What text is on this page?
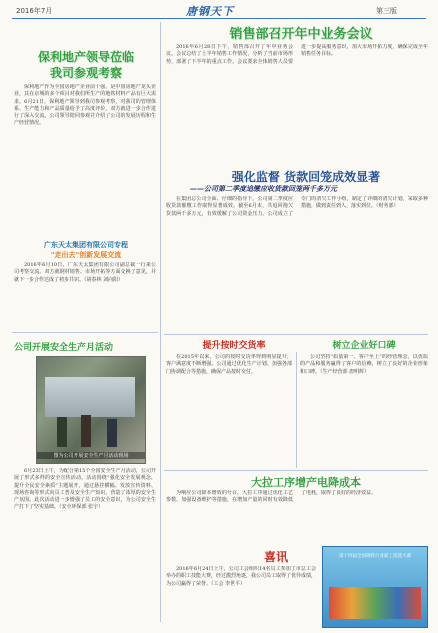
2016年7月	唐钢天下	第三版
保利地产领导莅临
我司参观考察

保利地产作为全国房地产企业前十强，是中国房地产龙头企业，其在京城的多个项目对我们所生产的地铁材料产品有巨大需求。6月21日，保利地产领导到我司参观考察，对我司的管理体系、生产能力和产品质量给予了高度评价，双方就进一步合作进行了深入交流。公司领导陪同参观并介绍了公司的发展历程和生产经营情况。

广东天太集团有限公司专程
"走出去"创新发展交流

2016年6月10日，广东天太集团有限公司副总裁一行来公司考察交流。双方就钢材销售、市场开拓等方面交换了意见，并就下一步合作达成了初步共识。（胡春林 刘向阳）

公司开展安全生产月活动
图为公司开展安全生产月活动现场

6月23日上午，为配合第15个全国安全生产月活动，公司开展了形式多样的安全宣传活动。活动围绕“强化安全发展观念，提升全民安全素质”主题展开，通过悬挂横幅、发放宣传资料、现场咨询等形式向员工普及安全生产知识，营造了浓厚的安全生产氛围。此次活动进一步增强了员工的安全意识，为公司安全生产打下了坚实基础。（安全环保部 张宇）

销售部召开年中业务会议

2016年6月28日下午，销售部召开了年中业务会议。会议总结了上半年销售工作情况，分析了当前市场形势，部署了下半年的重点工作。会议要求全体销售人员要进一步提高服务意识，加大市场开拓力度，确保完成全年销售任务目标。

强化监督 货款回笼成效显著
——公司第二季度追缴应收货款回笼两千多万元

在集团总公司全面、仔细的指导下，公司第二季度应收货款催缴工作取得显著成效。截至6月末，共追回拖欠货款两千多万元，有效缓解了公司资金压力。公司成立了专门的清欠工作小组，制定了详细的清欠计划，采取多种措施，做到责任到人、落实到位。（财务部）

提升按时交货率	树立企业好口碑

在2015年以来，公司的按时交货率得到明显提升，客户满意度不断增强。公司通过优化生产计划、加强各部门协调配合等措施，确保产品按时交付。

公司坚持“质量第一、客户至上”的经营理念，以优质的产品和服务赢得了客户的信赖，树立了良好的企业形象和口碑。（生产经营部 唐明辉）

大拉工序增产电降成本

为响应公司降本增效的号召，大拉工序通过优化工艺参数、加强设备维护等措施，在增加产量的同时有效降低了电耗，取得了良好的经济效益。

喜讯

2016年6月24日上午，公司工会组织14名员工参加了市总工会举办的职工技能大赛，经过激烈角逐，我公司员工取得了优异成绩，为公司赢得了荣誉。（工会 李世平）

第十四届全国钢铁行业职工技能大赛
